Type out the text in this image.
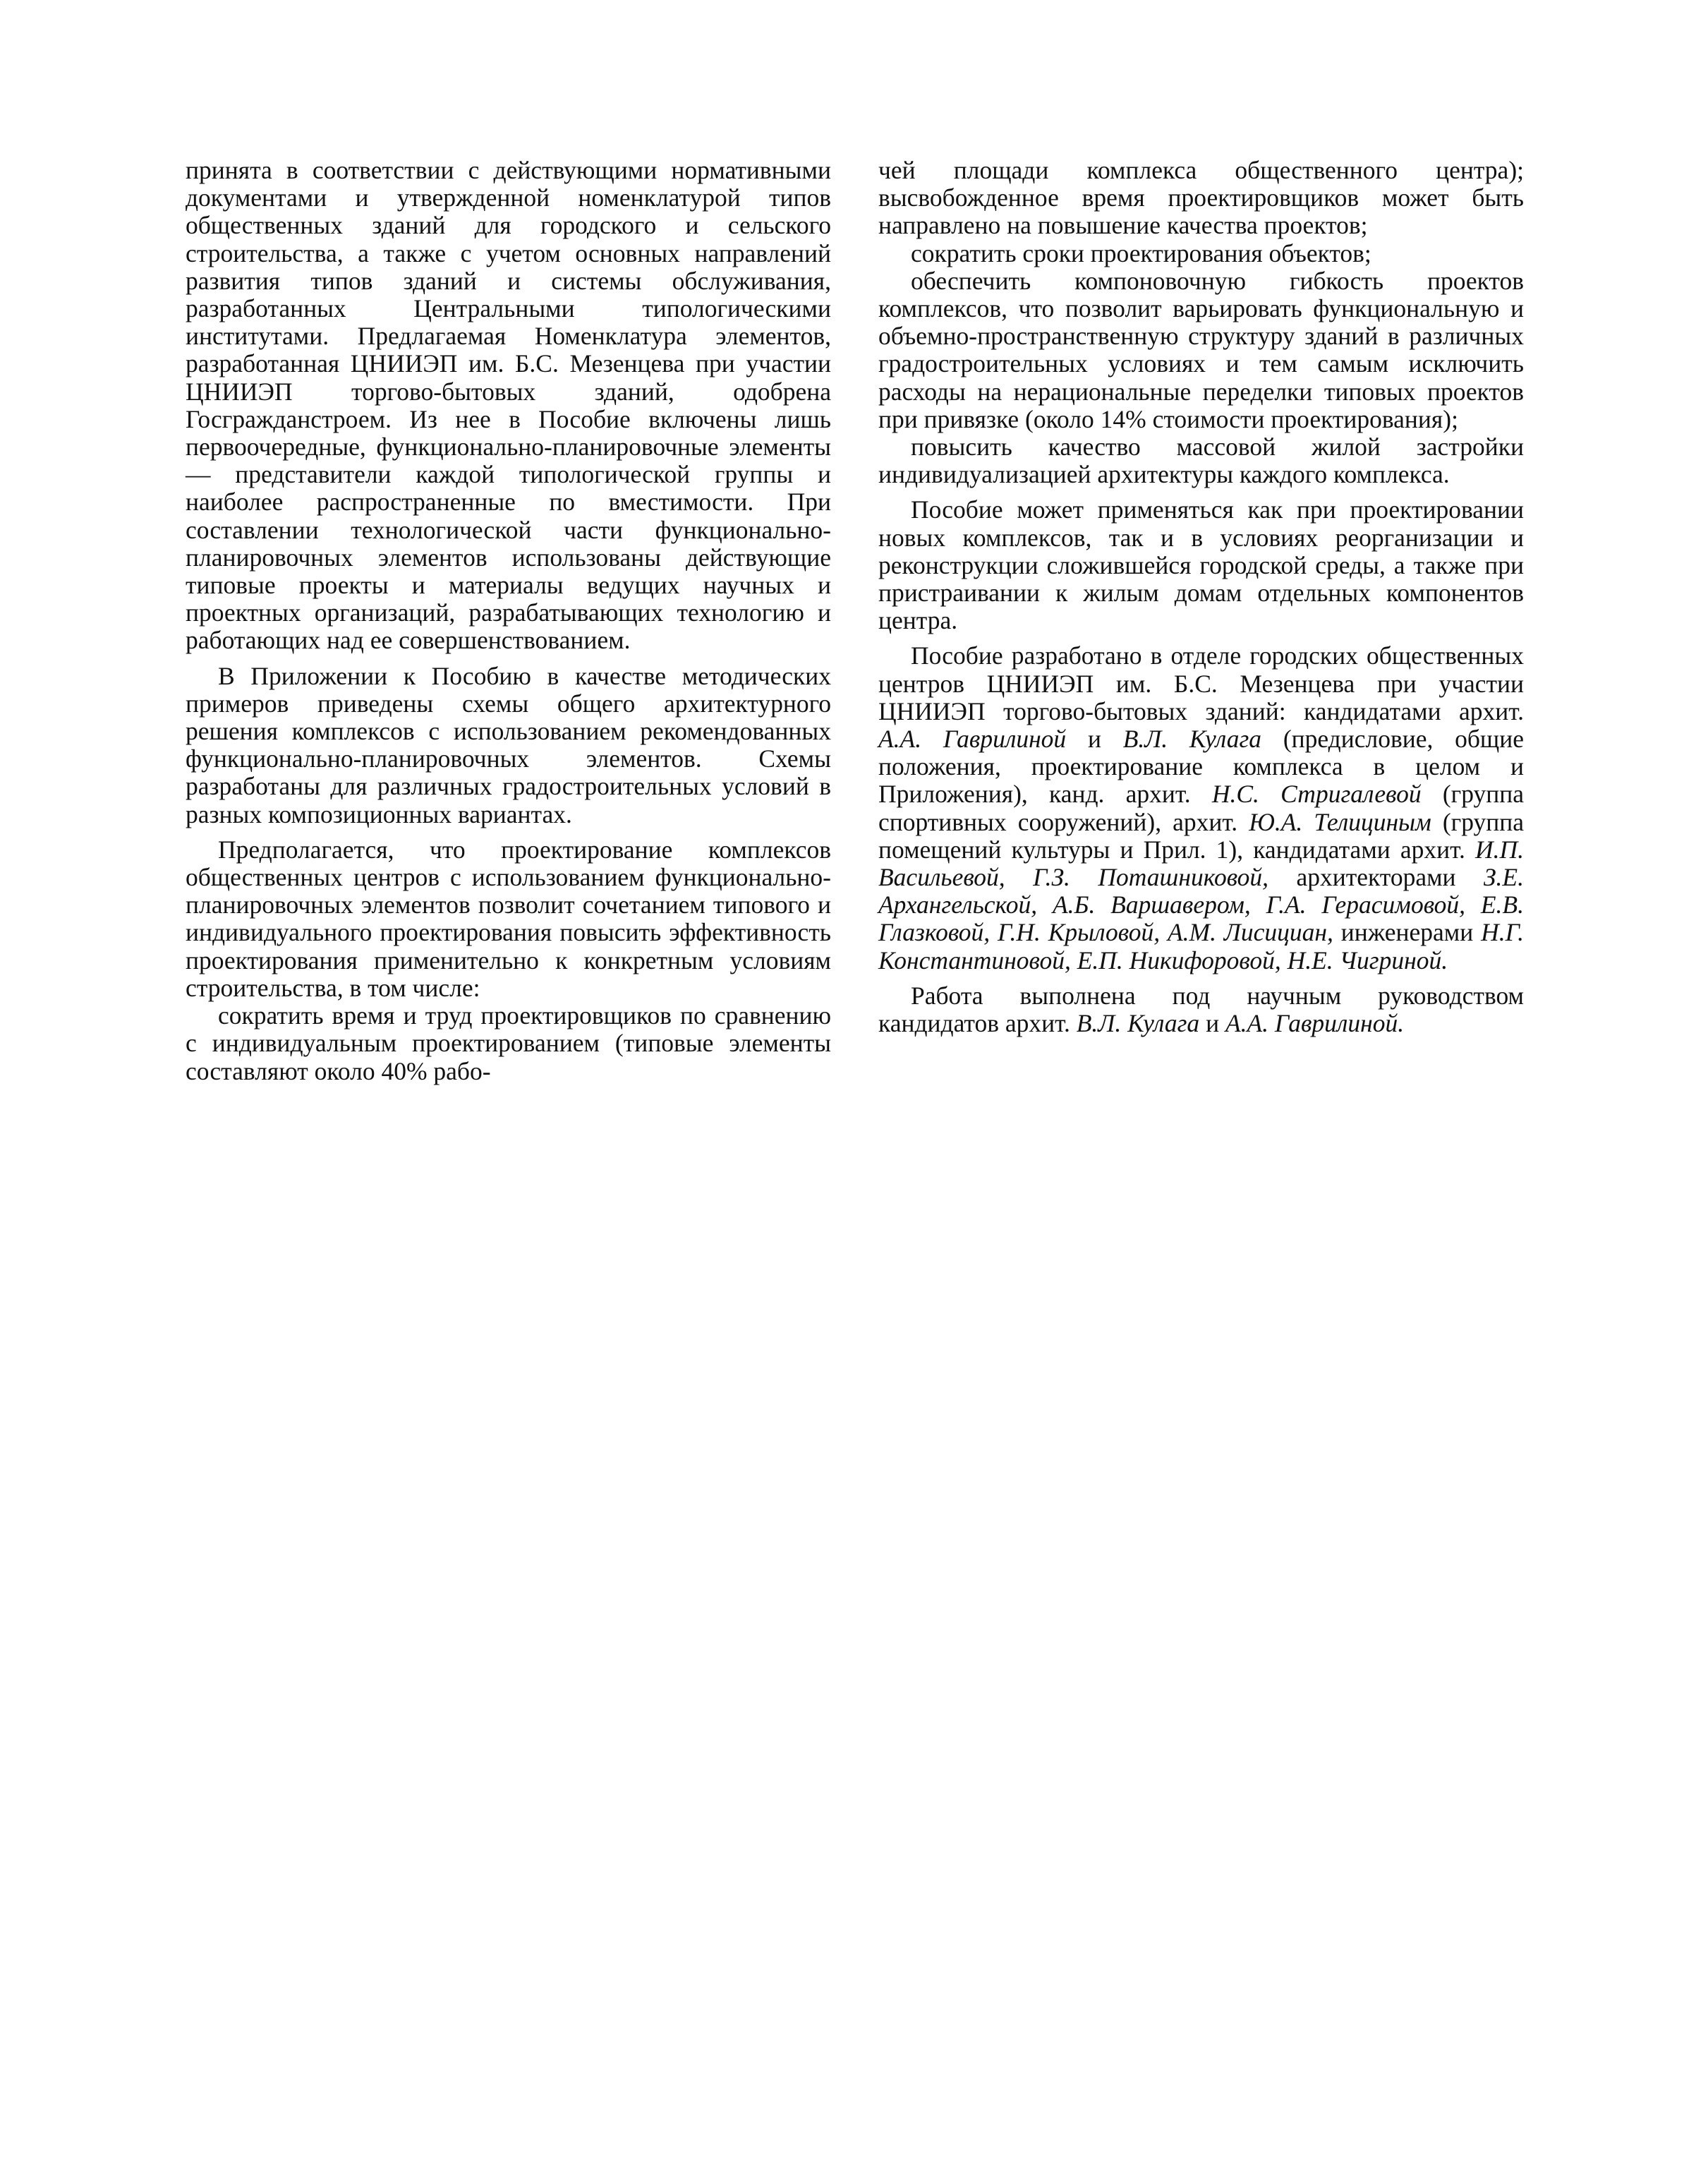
принята в соответствии с действующими нормативными документами и утвержденной номенклатурой типов общественных зданий для городского и сельского строительства, а также с учетом основных направлений развития типов зданий и системы обслуживания, разработанных Центральными типологическими институтами. Предлагаемая Номенклатура элементов, разработанная ЦНИИЭП им. Б.С. Мезенцева при участии ЦНИИЭП торгово-бытовых зданий, одобрена Госгражданстроем. Из нее в Пособие включены лишь первоочередные, функционально-планировочные элементы — представители каждой типологической группы и наиболее распространенные по вместимости. При составлении технологической части функционально-планировочных элементов использованы действующие типовые проекты и материалы ведущих научных и проектных организаций, разрабатывающих технологию и работающих над ее совершенствованием.

В Приложении к Пособию в качестве методических примеров приведены схемы общего архитектурного решения комплексов с использованием рекомендованных функционально-планировочных элементов. Схемы разработаны для различных градостроительных условий в разных композиционных вариантах.

Предполагается, что проектирование комплексов общественных центров с использованием функционально-планировочных элементов позволит сочетанием типового и индивидуального проектирования повысить эффективность проектирования применительно к конкретным условиям строительства, в том числе:

сократить время и труд проектировщиков по сравнению с индивидуальным проектированием (типовые элементы составляют около 40% рабо-

чей площади комплекса общественного центра); высвобожденное время проектировщиков может быть направлено на повышение качества проектов;

сократить сроки проектирования объектов;

обеспечить компоновочную гибкость проектов комплексов, что позволит варьировать функциональную и объемно-пространственную структуру зданий в различных градостроительных условиях и тем самым исключить расходы на нерациональные переделки типовых проектов при привязке (около 14% стоимости проектирования);

повысить качество массовой жилой застройки индивидуализацией архитектуры каждого комплекса.

Пособие может применяться как при проектировании новых комплексов, так и в условиях реорганизации и реконструкции сложившейся городской среды, а также при пристраивании к жилым домам отдельных компонентов центра.

Пособие разработано в отделе городских общественных центров ЦНИИЭП им. Б.С. Мезенцева при участии ЦНИИЭП торгово-бытовых зданий: кандидатами архит. А.А. Гаврилиной и В.Л. Кулага (предисловие, общие положения, проектирование комплекса в целом и Приложения), канд. архит. Н.С. Стригалевой (группа спортивных сооружений), архит. Ю.А. Телициным (группа помещений культуры и Прил. 1), кандидатами архит. И.П. Васильевой, Г.З. Поташниковой, архитекторами З.Е. Архангельской, А.Б. Варшавером, Г.А. Герасимовой, Е.В. Глазковой, Г.Н. Крыловой, А.М. Лисициан, инженерами Н.Г. Константиновой, Е.П. Никифоровой, Н.Е. Чигриной.

Работа выполнена под научным руководством кандидатов архит. В.Л. Кулага и А.А. Гаврилиной.
